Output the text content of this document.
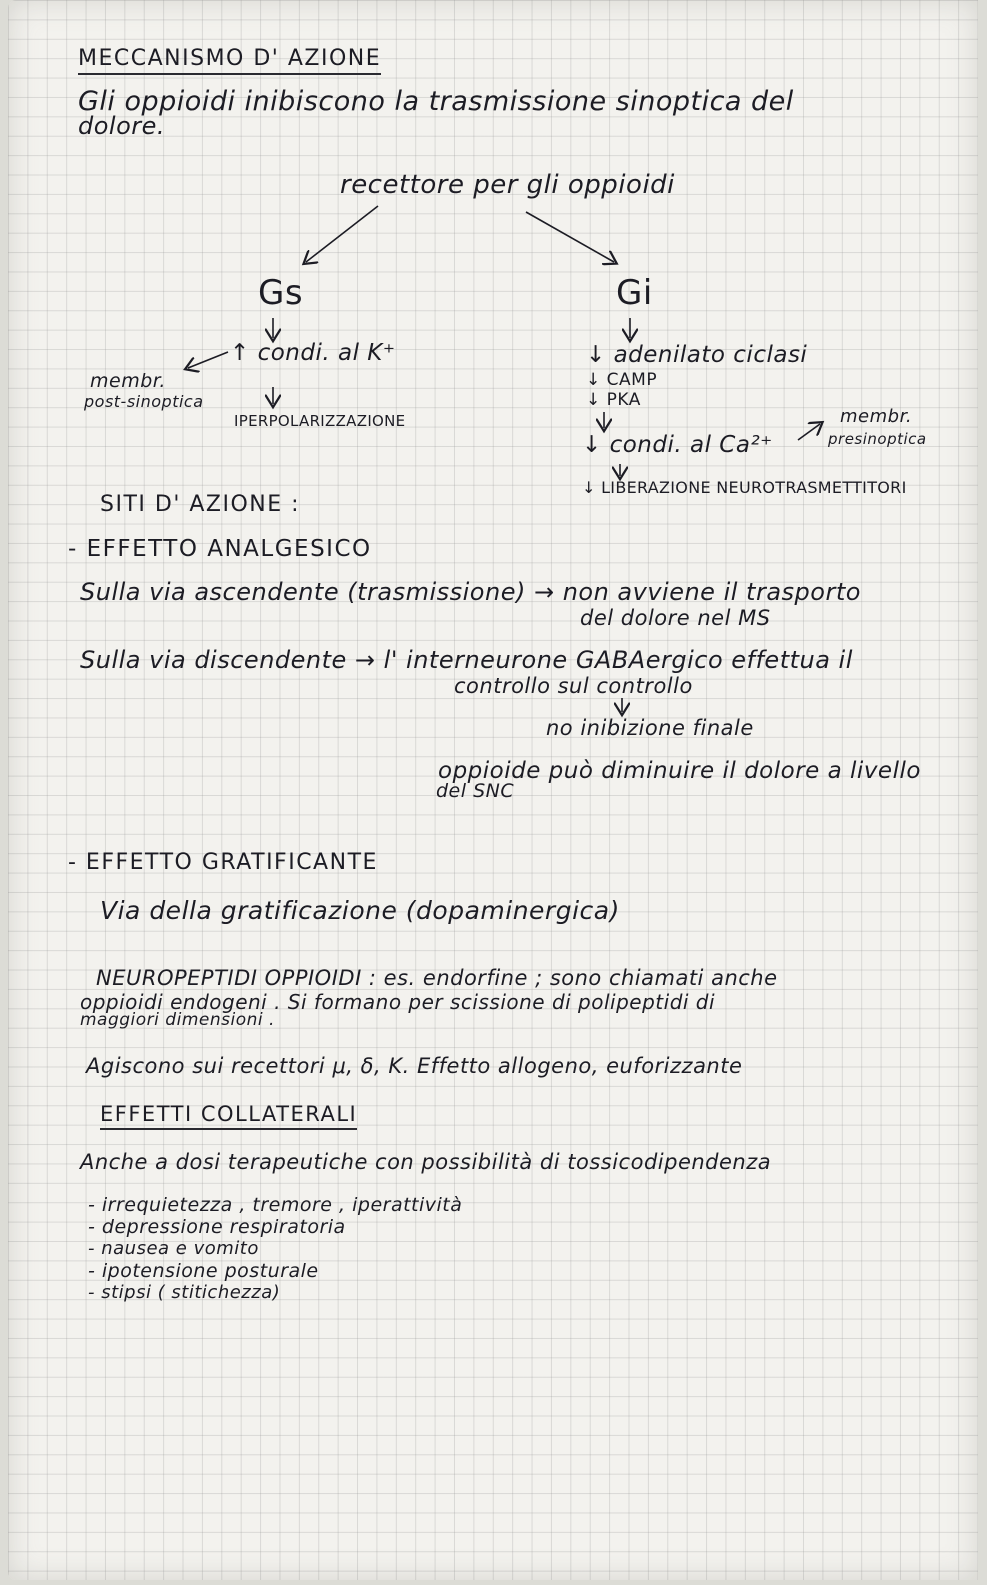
MECCANISMO D' AZIONE
Gli oppioidi inibiscono la trasmissione sinoptica del
dolore.
recettore per gli oppioidi
Gs
↑ condi. al K⁺
membr.
post-sinoptica
IPERPOLARIZZAZIONE
Gi
↓ adenilato ciclasi
↓ CAMP
↓ PKA
↓ condi. al Ca²⁺
membr.
presinoptica
↓ LIBERAZIONE NEUROTRASMETTITORI
SITI D' AZIONE :
- EFFETTO ANALGESICO
Sulla via ascendente (trasmissione) → non avviene il trasporto
del dolore nel MS
Sulla via discendente → l' interneurone GABAergico effettua il
controllo sul controllo
no inibizione finale
oppioide può diminuire il dolore a livello
del SNC
- EFFETTO GRATIFICANTE
Via della gratificazione (dopaminergica)
NEUROPEPTIDI OPPIOIDI : es. endorfine ; sono chiamati anche
oppioidi endogeni . Si formano per scissione di polipeptidi di
maggiori dimensioni .
Agiscono sui recettori μ, δ, K. Effetto allogeno, euforizzante
EFFETTI COLLATERALI
Anche a dosi terapeutiche con possibilità di tossicodipendenza
- irrequietezza , tremore , iperattività
- depressione respiratoria
- nausea e vomito
- ipotensione posturale
- stipsi ( stitichezza)
